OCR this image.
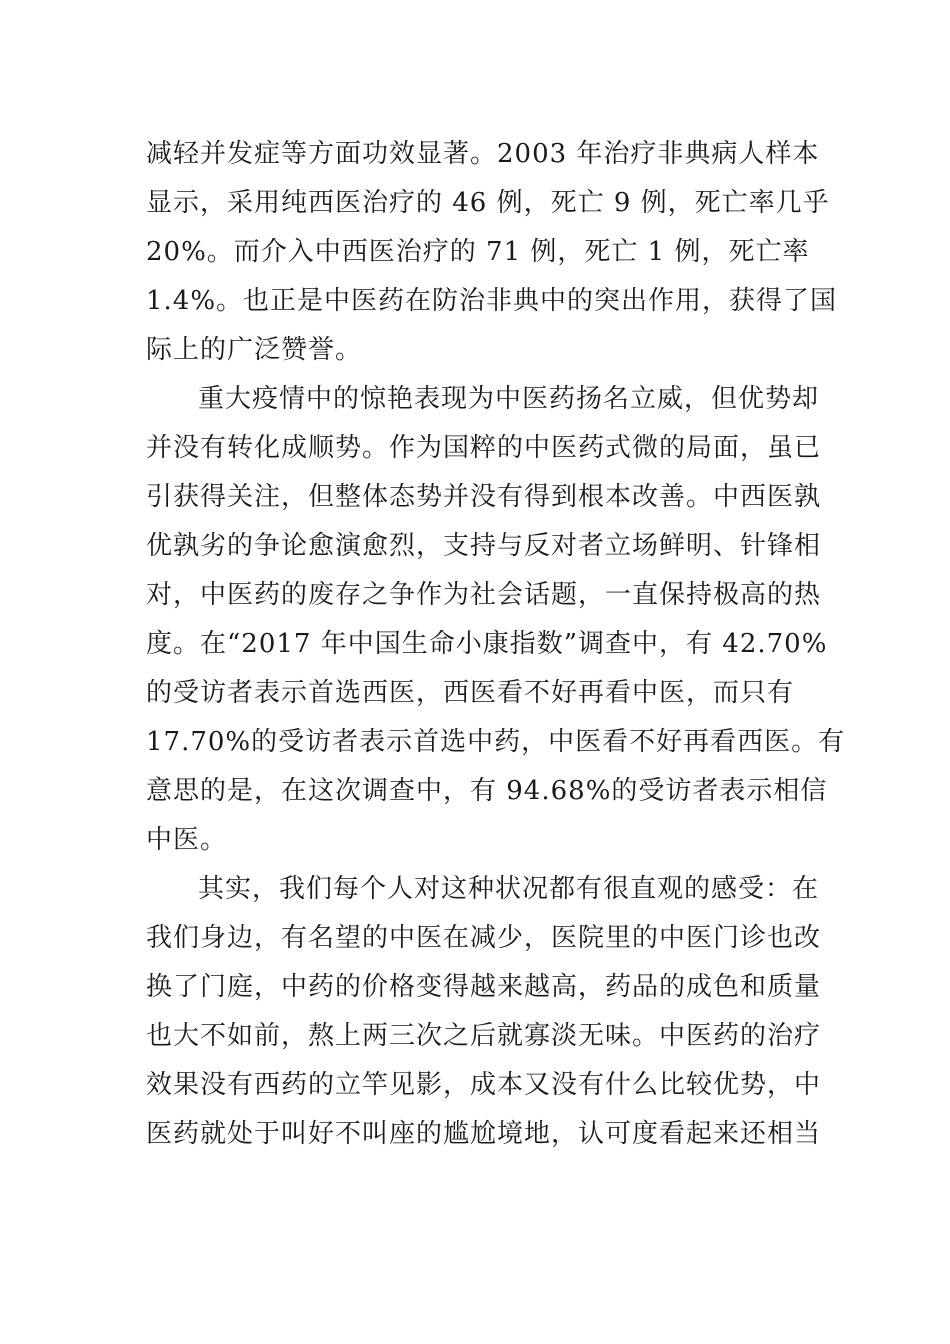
减轻并发症等方面功效显著。2003 年治疗非典病人样本
显示，采用纯西医治疗的 46 例，死亡 9 例，死亡率几乎
20%。而介入中西医治疗的 71 例，死亡 1 例，死亡率
1.4%。也正是中医药在防治非典中的突出作用，获得了国
际上的广泛赞誉。
重大疫情中的惊艳表现为中医药扬名立威，但优势却
并没有转化成顺势。作为国粹的中医药式微的局面，虽已
引获得关注，但整体态势并没有得到根本改善。中西医孰
优孰劣的争论愈演愈烈，支持与反对者立场鲜明、针锋相
对，中医药的废存之争作为社会话题，一直保持极高的热
度。在“2017 年中国生命小康指数”调查中，有 42.70%
的受访者表示首选西医，西医看不好再看中医，而只有
17.70%的受访者表示首选中药，中医看不好再看西医。有
意思的是，在这次调查中，有 94.68%的受访者表示相信
中医。
其实，我们每个人对这种状况都有很直观的感受：在
我们身边，有名望的中医在减少，医院里的中医门诊也改
换了门庭，中药的价格变得越来越高，药品的成色和质量
也大不如前，熬上两三次之后就寡淡无味。中医药的治疗
效果没有西药的立竿见影，成本又没有什么比较优势，中
医药就处于叫好不叫座的尴尬境地，认可度看起来还相当
